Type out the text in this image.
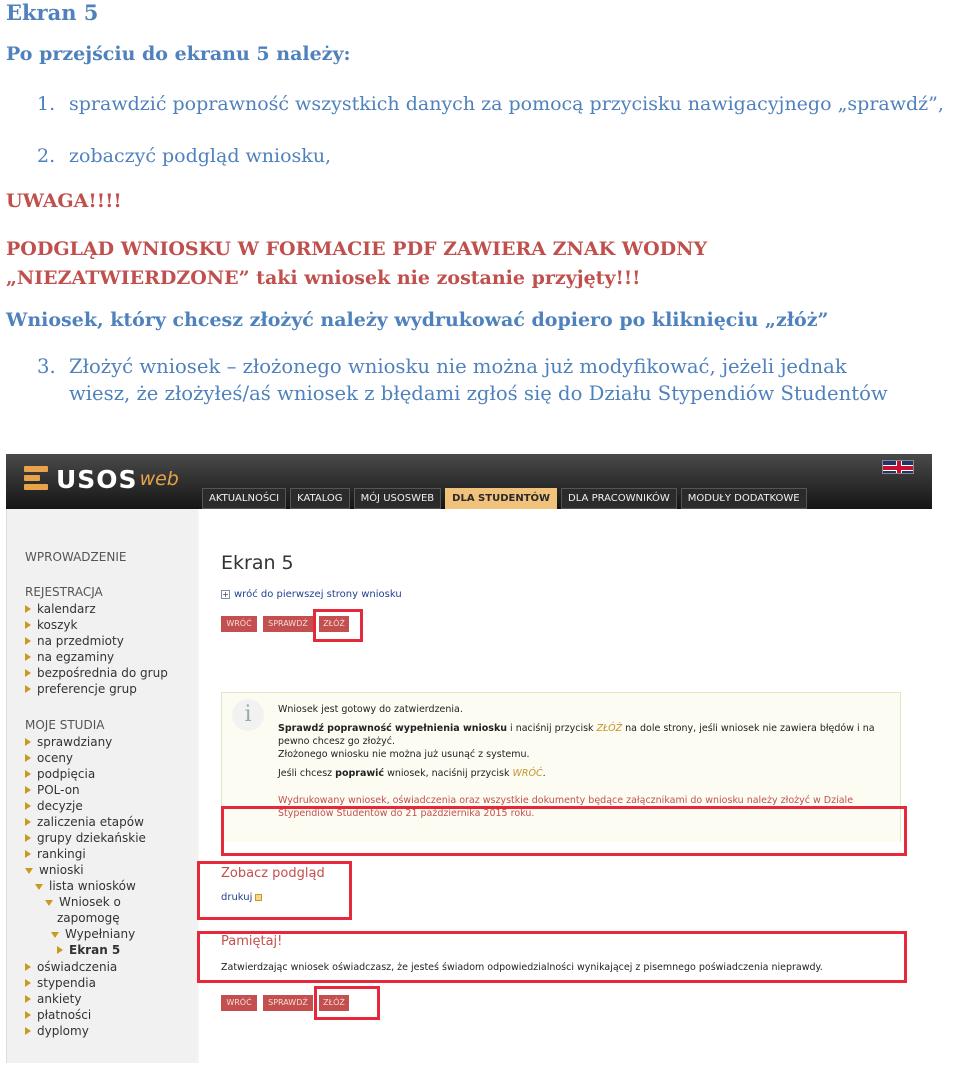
Ekran 5

Po przejściu do ekranu 5 należy:

1. sprawdzić poprawność wszystkich danych za pomocą przycisku nawigacyjnego „sprawdź”,

2. zobaczyć podgląd wniosku,

UWAGA!!!!

PODGLĄD WNIOSKU W FORMACIE PDF ZAWIERA ZNAK WODNY „NIEZATWIERDZONE” taki wniosek nie zostanie przyjęty!!!

Wniosek, który chcesz złożyć należy wydrukować dopiero po kliknięciu „złóż”

3. Złożyć wniosek – złożonego wniosku nie można już modyfikować, jeżeli jednak
wiesz, że złożyłeś/aś wniosek z błędami zgłoś się do Działu Stypendiów Studentów

USOS web
AKTUALNOŚCI	KATALOG	MÓJ USOSWEB	DLA STUDENTÓW	DLA PRACOWNIKÓW	MODUŁY DODATKOWE
WPROWADZENIE
REJESTRACJA
kalendarz
koszyk
na przedmioty
na egzaminy
bezpośrednia do grup
preferencje grup
MOJE STUDIA
sprawdziany
oceny
podpięcia
POL-on
decyzje
zaliczenia etapów
grupy dziekańskie
rankingi
wnioski
lista wniosków
Wniosek o
zapomogę
Wypełniany
Ekran 5
oświadczenia
stypendia
ankiety
płatności
dyplomy
Ekran 5
+ wróć do pierwszej strony wniosku
WRÓĆ	SPRAWDŹ	ZŁÓŻ
i	Wniosek jest gotowy do zatwierdzenia.

Sprawdź poprawność wypełnienia wniosku i naciśnij przycisk ZŁÓŻ na dole strony, jeśli wniosek nie zawiera błędów i na pewno chcesz go złożyć.
Złożonego wniosku nie można już usunąć z systemu.

Jeśli chcesz poprawić wniosek, naciśnij przycisk WRÓĆ.

Wydrukowany wniosek, oświadczenia oraz wszystkie dokumenty będące załącznikami do wniosku należy złożyć w Dziale Stypendiów Studentów do 21 października 2015 roku.
Zobacz podgląd
drukuj
Pamiętaj!
Zatwierdzając wniosek oświadczasz, że jesteś świadom odpowiedzialności wynikającej z pisemnego poświadczenia nieprawdy.
WRÓĆ	SPRAWDŹ	ZŁÓŻ
